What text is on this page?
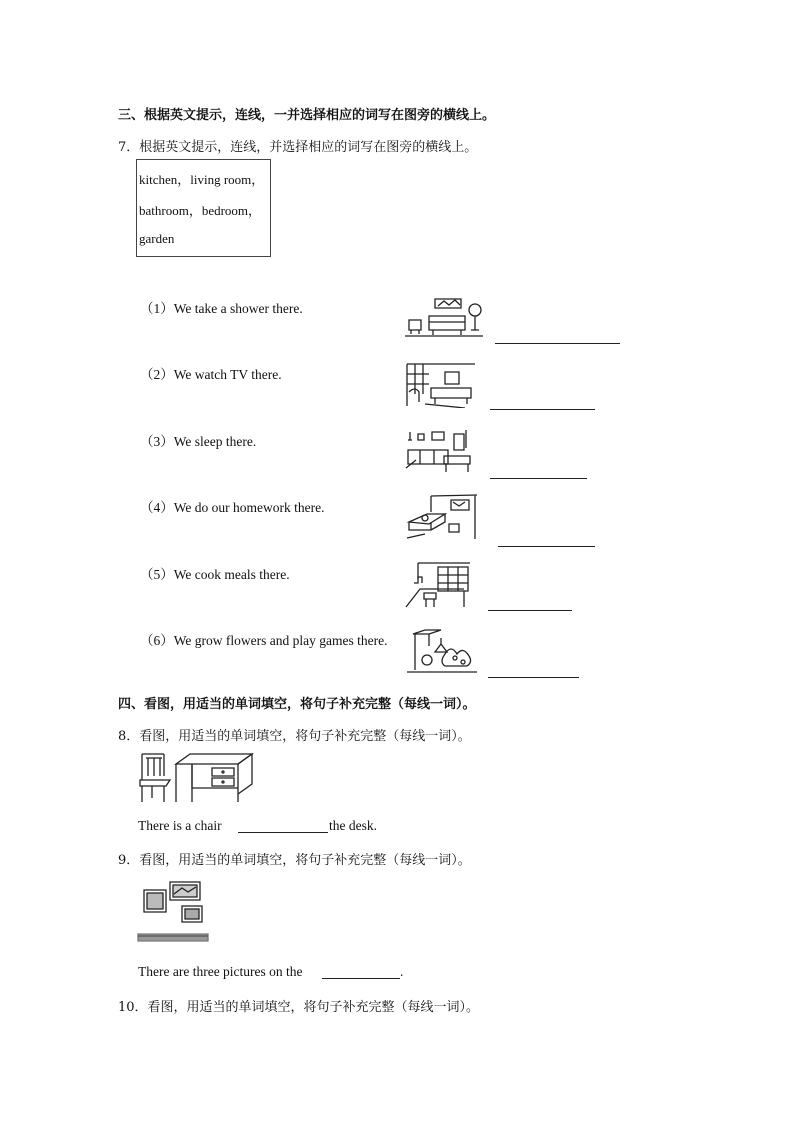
三、根据英文提示，连线，一并选择相应的词写在图旁的横线上。
7．根据英文提示，连线，并选择相应的词写在图旁的横线上。
kitchen，living room，
bathroom，bedroom，
garden
（1）We take a shower there.
（2）We watch TV there.
（3）We sleep there.
（4）We do our homework there.
（5）We cook meals there.
（6）We grow flowers and play games there.
四、看图，用适当的单词填空，将句子补充完整（每线一词）。
8．看图，用适当的单词填空，将句子补充完整（每线一词）。
There is a chair	the desk.
9．看图，用适当的单词填空，将句子补充完整（每线一词）。
There are three pictures on the	.
10．看图，用适当的单词填空，将句子补充完整（每线一词）。
